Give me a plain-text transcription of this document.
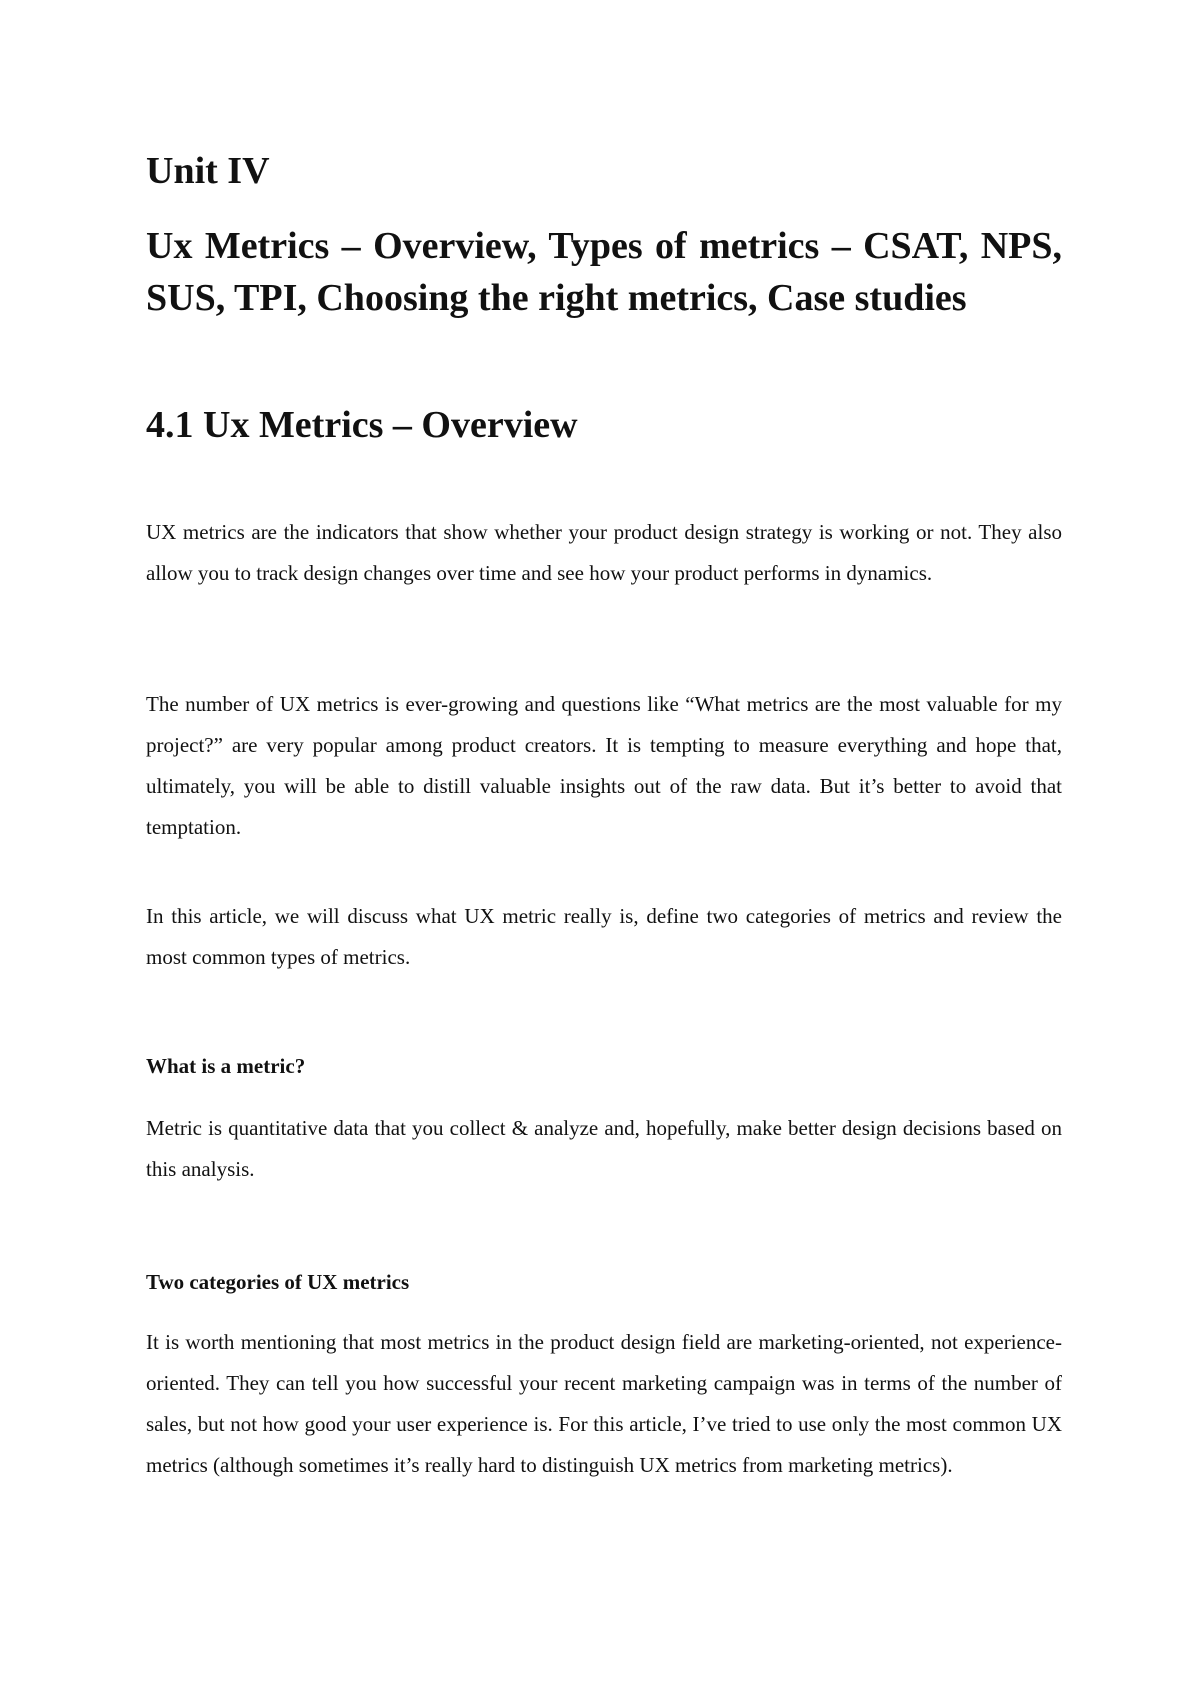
Unit IV
Ux Metrics – Overview, Types of metrics – CSAT, NPS, SUS, TPI, Choosing the right metrics, Case studies
4.1 Ux Metrics – Overview

UX metrics are the indicators that show whether your product design strategy is working or not. They also allow you to track design changes over time and see how your product performs in dynamics.

The number of UX metrics is ever-growing and questions like “What metrics are the most valuable for my project?” are very popular among product creators. It is tempting to measure everything and hope that, ultimately, you will be able to distill valuable insights out of the raw data. But it’s better to avoid that temptation.

In this article, we will discuss what UX metric really is, define two categories of metrics and review the most common types of metrics.

What is a metric?

Metric is quantitative data that you collect & analyze and, hopefully, make better design decisions based on this analysis.

Two categories of UX metrics

It is worth mentioning that most metrics in the product design field are marketing-oriented, not experience-oriented. They can tell you how successful your recent marketing campaign was in terms of the number of sales, but not how good your user experience is. For this article, I’ve tried to use only the most common UX metrics (although sometimes it’s really hard to distinguish UX metrics from marketing metrics).
